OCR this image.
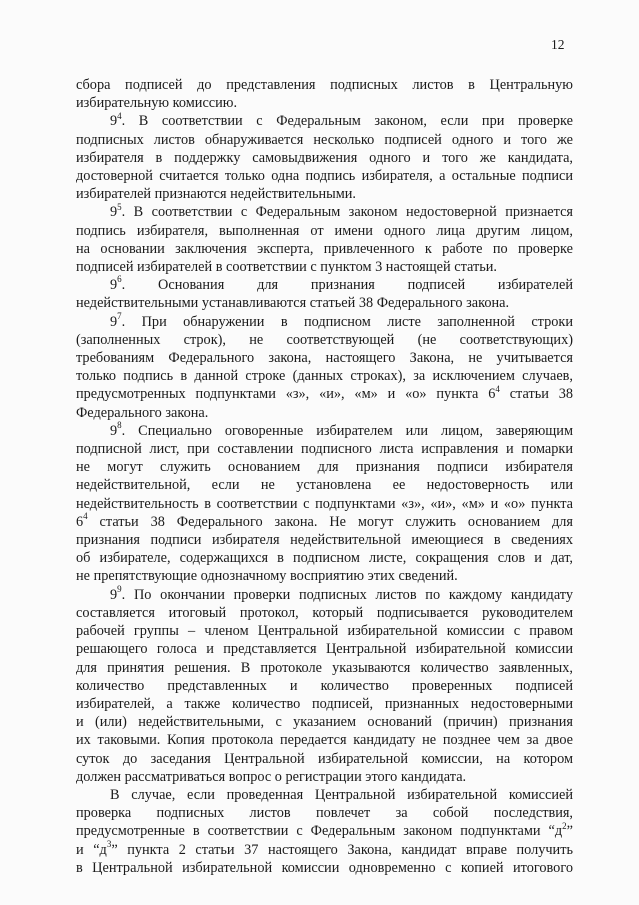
12

сбора подписей до представления подписных листов в Центральную
избирательную комиссию.

$9^4$. В соответствии с Федеральным законом, если при проверке
подписных листов обнаруживается несколько подписей одного и того же
избирателя в поддержку самовыдвижения одного и того же кандидата,
достоверной считается только одна подпись избирателя, а остальные подписи
избирателей признаются недействительными.

$9^5$. В соответствии с Федеральным законом недостоверной признается
подпись избирателя, выполненная от имени одного лица другим лицом,
на основании заключения эксперта, привлеченного к работе по проверке
подписей избирателей в соответствии с пунктом 3 настоящей статьи.

$9^6$. Основания для признания подписей избирателей
недействительными устанавливаются статьей 38 Федерального закона.

$9^7$. При обнаружении в подписном листе заполненной строки
(заполненных строк), не соответствующей (не соответствующих)
требованиям Федерального закона, настоящего Закона, не учитывается
только подпись в данной строке (данных строках), за исключением случаев,
предусмотренных подпунктами «з», «и», «м» и «о» пункта $6^4$ статьи 38
Федерального закона.

$9^8$. Специально оговоренные избирателем или лицом, заверяющим
подписной лист, при составлении подписного листа исправления и помарки
не могут служить основанием для признания подписи избирателя
недействительной, если не установлена ее недостоверность или
недействительность в соответствии с подпунктами «з», «и», «м» и «о» пункта
$6^4$ статьи 38 Федерального закона. Не могут служить основанием для
признания подписи избирателя недействительной имеющиеся в сведениях
об избирателе, содержащихся в подписном листе, сокращения слов и дат,
не препятствующие однозначному восприятию этих сведений.

$9^9$. По окончании проверки подписных листов по каждому кандидату
составляется итоговый протокол, который подписывается руководителем
рабочей группы – членом Центральной избирательной комиссии с правом
решающего голоса и представляется Центральной избирательной комиссии
для принятия решения. В протоколе указываются количество заявленных,
количество представленных и количество проверенных подписей
избирателей, а также количество подписей, признанных недостоверными
и (или) недействительными, с указанием оснований (причин) признания
их таковыми. Копия протокола передается кандидату не позднее чем за двое
суток до заседания Центральной избирательной комиссии, на котором
должен рассматриваться вопрос о регистрации этого кандидата.

В случае, если проведенная Центральной избирательной комиссией
проверка подписных листов повлечет за собой последствия,
предусмотренные в соответствии с Федеральным законом подпунктами “$д^2$”
и “$д^3$” пункта 2 статьи 37 настоящего Закона, кандидат вправе получить
в Центральной избирательной комиссии одновременно с копией итогового
